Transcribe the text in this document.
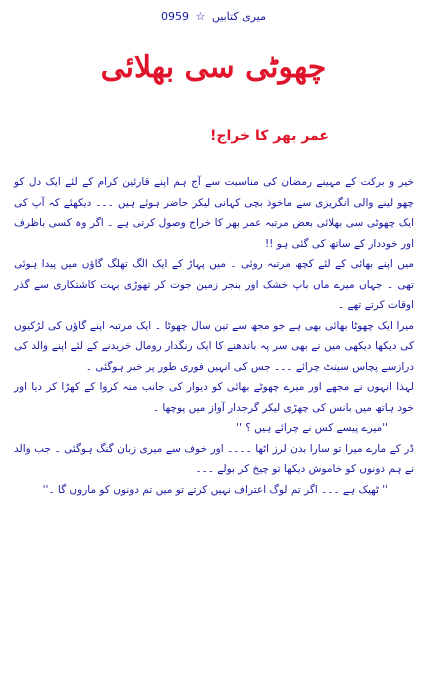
میری کتابیں ☆ 0959
چھوٹی سی بھلائی
عمر بھر کا خراج!

خیر و برکت کے مہینے رمضان کی مناسبت سے آج ہم اپنے قارئین کرام کے لئے ایک دل کو چھو لینے والی انگریزی سے ماخوذ بچی کہانی لیکر حاضر ہوئے ہیں ۔۔۔ دیکھئے کہ آپ کی ایک چھوٹی سی بھلائی بعض مرتبہ عمر بھر کا خراج وصول کرتی ہے ۔ اگر وہ کسی باظرف اور خوددار کے ساتھ کی گئی ہو !!

میں اپنے بھائی کے لئے کچھ مرتبہ روئی ۔ میں پہاڑ کے ایک الگ تھلگ گاؤں میں پیدا ہوئی تھی ۔ جہاں میرے ماں باپ خشک اور بنجر زمین جوت کر تھوڑی بہت کاشتکاری سے گذر اوقات کرتے تھے ۔

میرا ایک چھوٹا بھائی بھی ہے جو مجھ سے تین سال چھوٹا ۔ ایک مرتبہ اپنے گاؤں کی لڑکیوں کی دیکھا دیکھی میں نے بھی سر پہ باندھنے کا ایک رنگدار رومال خریدنے کے لئے اپنے والد کی درازسے پچاس سینٹ چرائے ۔۔۔ جس کی انہیں فوری طور پر خبر ہوگئی ۔

لہذا انہوں نے مجھے اور میرے چھوٹے بھائی کو دیوار کی جانب منہ کروا کے کھڑا کر دیا اور خود ہاتھ میں بانس کی چھڑی لیکر گرجدار آواز میں پوچھا ۔

''میرے پیسے کس نے چرائے ہیں ؟ ''

ڈر کے مارے میرا تو سارا بدن لرز اٹھا ۔۔۔۔ اور خوف سے میری زبان گنگ ہوگئی ۔ جب والد نے ہم دونوں کو خاموش دیکھا تو چیخ کر بولے ۔۔۔

'' ٹھیک ہے ۔۔۔ اگر تم لوگ اعتراف نہیں کرتے تو میں تم دونوں کو ماروں گا ۔''
